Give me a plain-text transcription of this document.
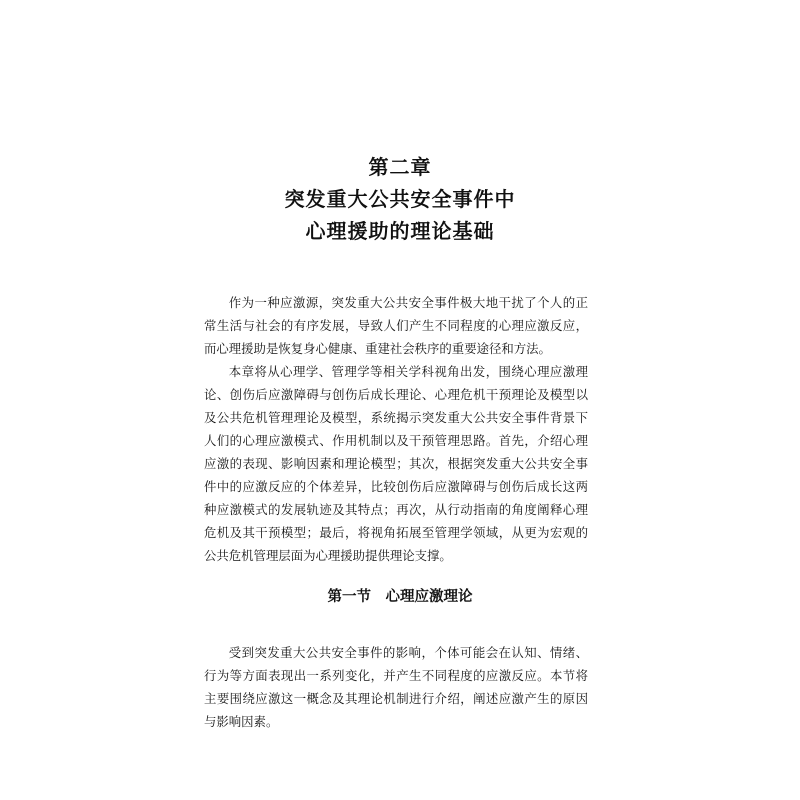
第二章
突发重大公共安全事件中
心理援助的理论基础

作为一种应激源，突发重大公共安全事件极大地干扰了个人的正常生活与社会的有序发展，导致人们产生不同程度的心理应激反应，而心理援助是恢复身心健康、重建社会秩序的重要途径和方法。

本章将从心理学、管理学等相关学科视角出发，围绕心理应激理论、创伤后应激障碍与创伤后成长理论、心理危机干预理论及模型以及公共危机管理理论及模型，系统揭示突发重大公共安全事件背景下人们的心理应激模式、作用机制以及干预管理思路。首先，介绍心理应激的表现、影响因素和理论模型；其次，根据突发重大公共安全事件中的应激反应的个体差异，比较创伤后应激障碍与创伤后成长这两种应激模式的发展轨迹及其特点；再次，从行动指南的角度阐释心理危机及其干预模型；最后，将视角拓展至管理学领域，从更为宏观的公共危机管理层面为心理援助提供理论支撑。

第一节　心理应激理论

受到突发重大公共安全事件的影响，个体可能会在认知、情绪、行为等方面表现出一系列变化，并产生不同程度的应激反应。本节将主要围绕应激这一概念及其理论机制进行介绍，阐述应激产生的原因与影响因素。
